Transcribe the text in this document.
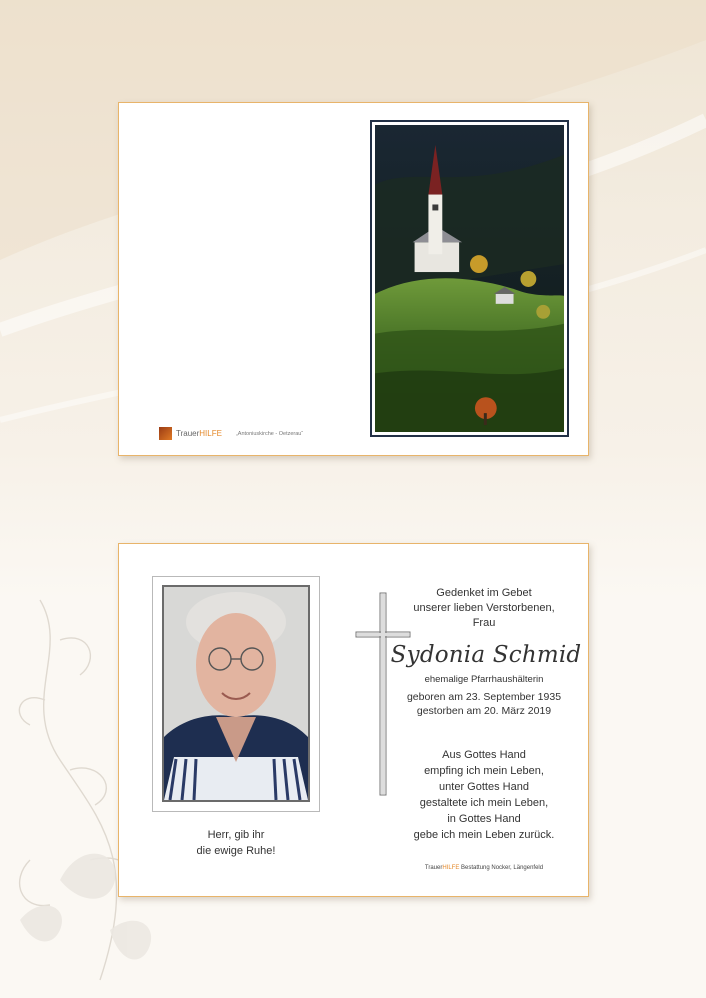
Trauer HILFE	„Antoniuskirche - Oetzerau“
Herr, gib ihr
die ewige Ruhe!
Gedenket im Gebet
unserer lieben Verstorbenen,
Frau
Sydonia Schmid
ehemalige Pfarrhaushälterin
geboren am 23. September 1935
gestorben am 20. März 2019
Aus Gottes Hand
empfing ich mein Leben,
unter Gottes Hand
gestaltete ich mein Leben,
in Gottes Hand
gebe ich mein Leben zurück.
TrauerHILFE Bestattung Nocker, Längenfeld
